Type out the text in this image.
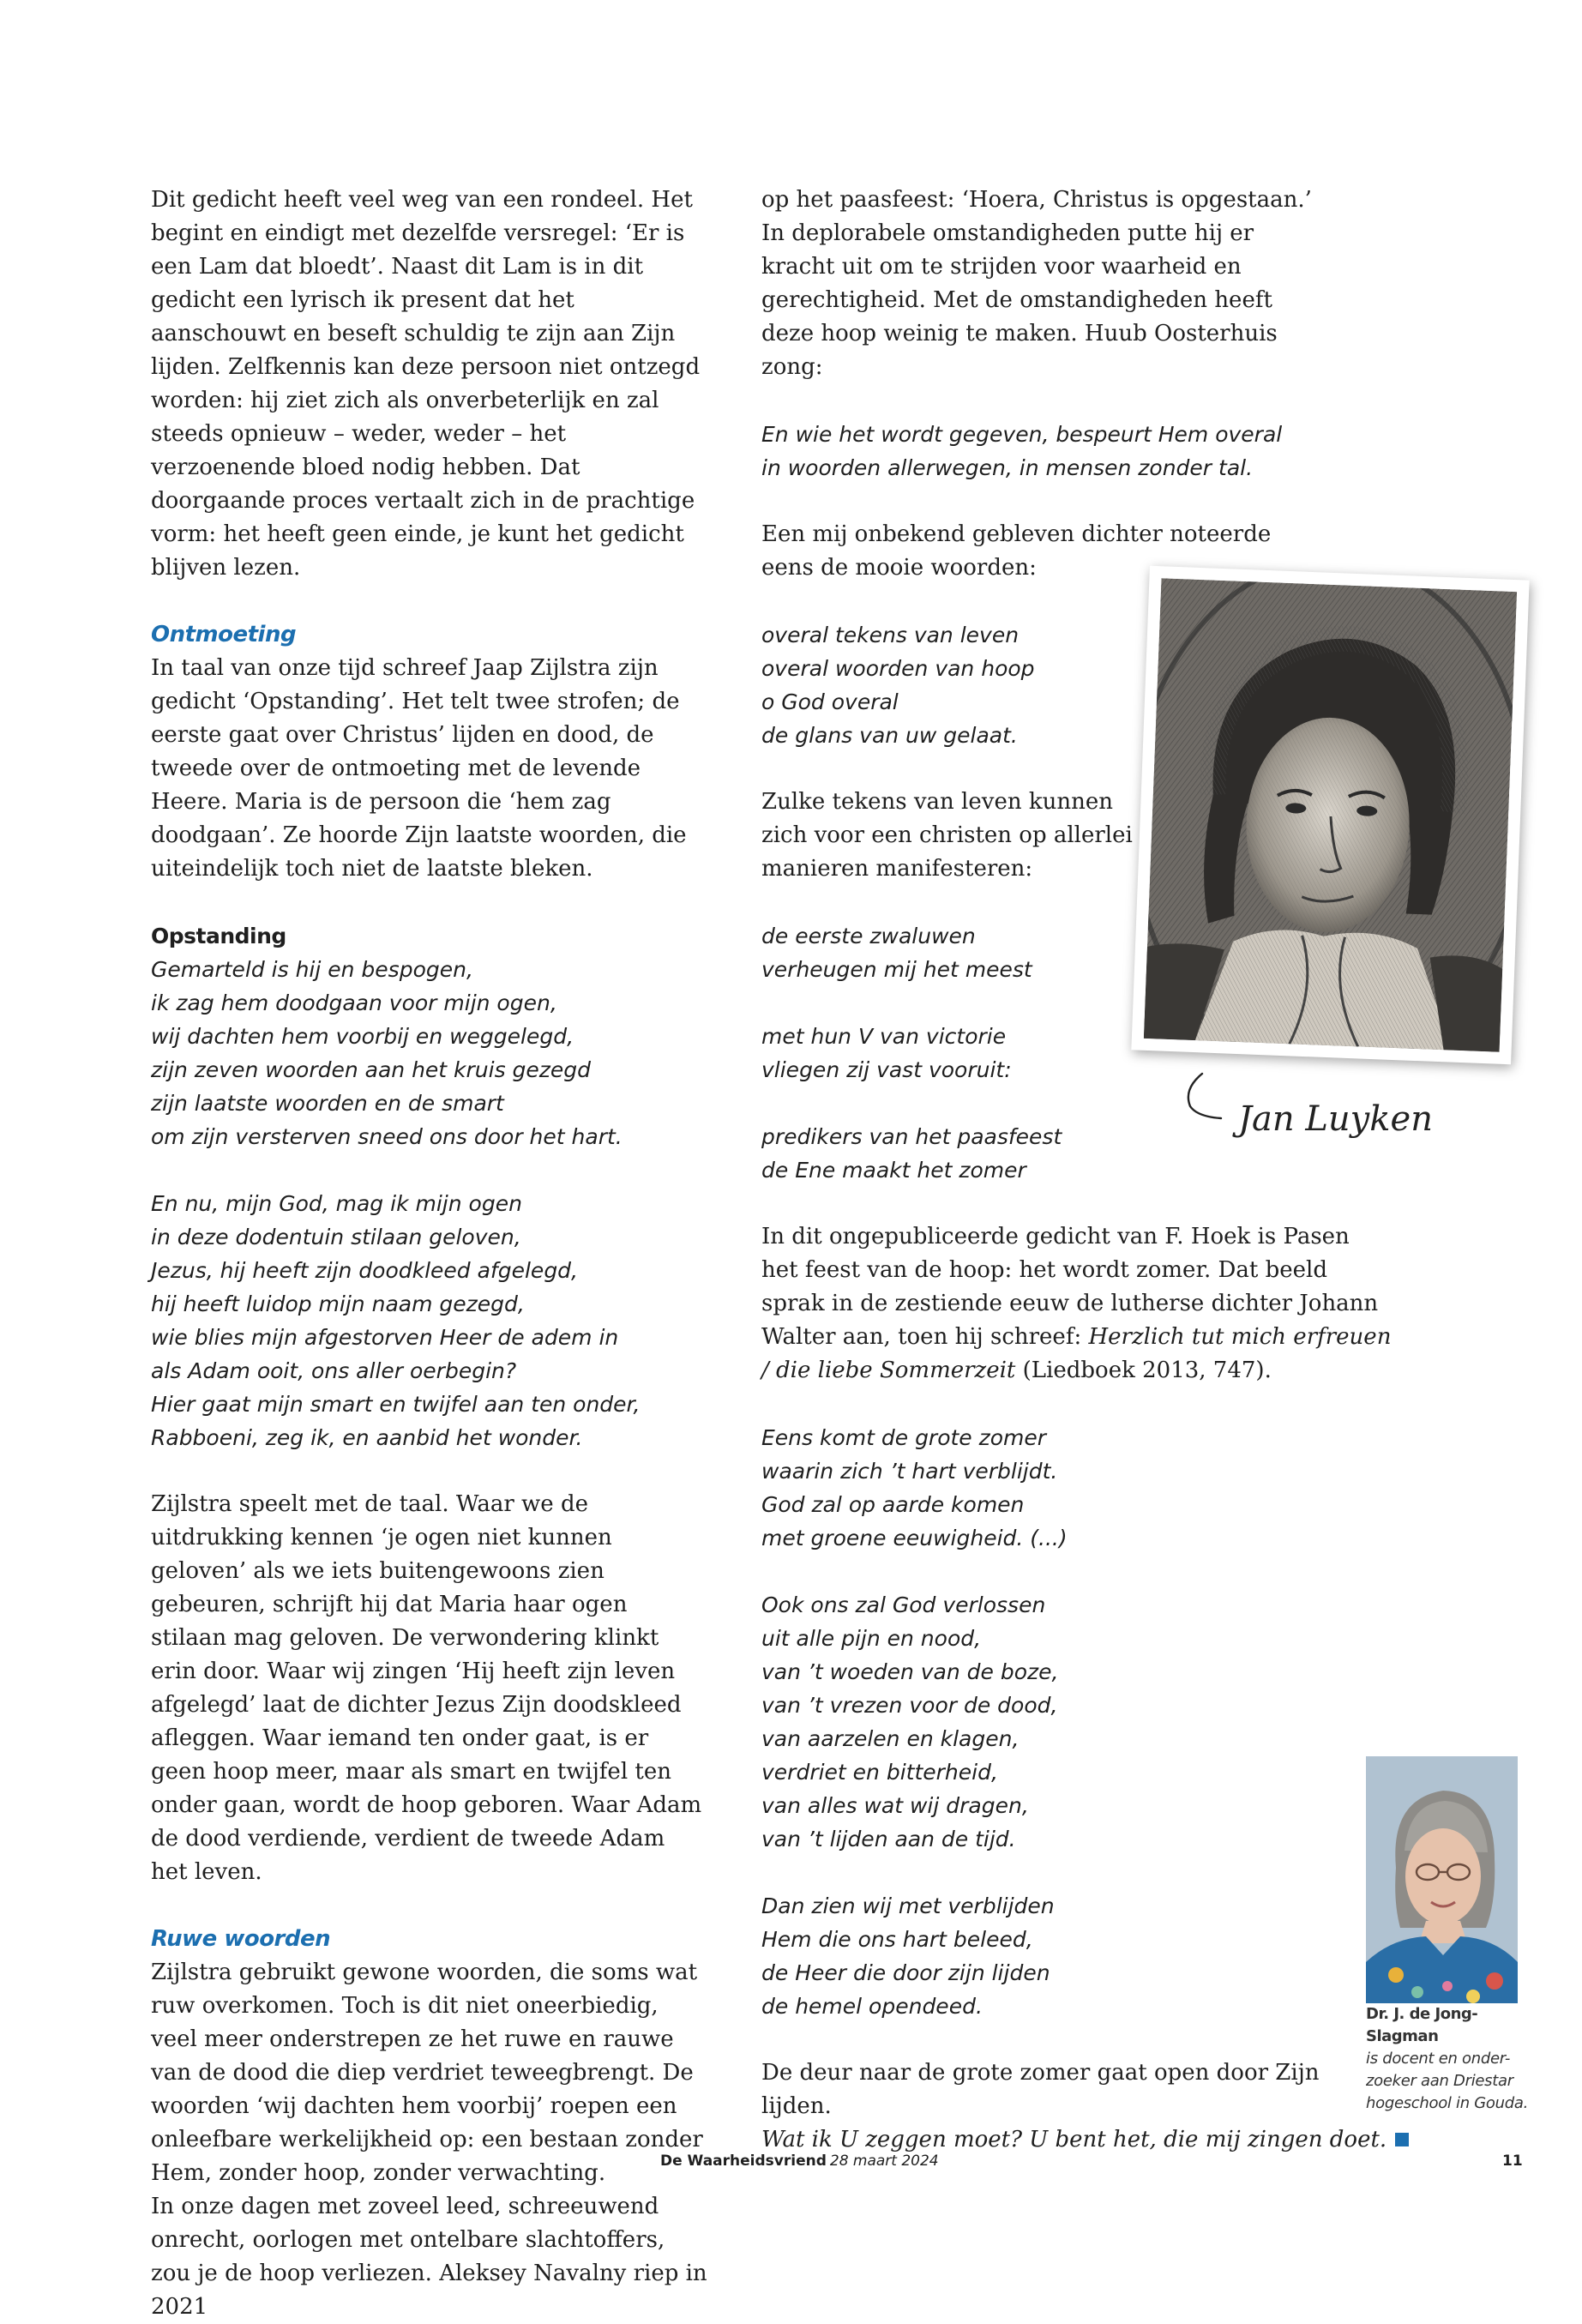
Dit gedicht heeft veel weg van een rondeel. Het begint en eindigt met dezelfde versregel: ‘Er is een Lam dat bloedt’. Naast dit Lam is in dit gedicht een lyrisch ik present dat het aanschouwt en beseft schuldig te zijn aan Zijn lijden. Zelfkennis kan deze persoon niet ontzegd worden: hij ziet zich als onverbeterlijk en zal steeds opnieuw – weder, weder – het verzoenende bloed nodig hebben. Dat doorgaande proces vertaalt zich in de prachtige vorm: het heeft geen einde, je kunt het gedicht blijven lezen.

Ontmoeting

In taal van onze tijd schreef Jaap Zijlstra zijn gedicht ‘Opstanding’. Het telt twee strofen; de eerste gaat over Christus’ lijden en dood, de tweede over de ontmoeting met de levende Heere. Maria is de persoon die ‘hem zag doodgaan’. Ze hoorde Zijn laatste woorden, die uiteindelijk toch niet de laatste bleken.

Opstanding
Gemarteld is hij en bespogen,
ik zag hem doodgaan voor mijn ogen,
wij dachten hem voorbij en weggelegd,
zijn zeven woorden aan het kruis gezegd
zijn laatste woorden en de smart
om zijn versterven sneed ons door het hart.
En nu, mijn God, mag ik mijn ogen
in deze dodentuin stilaan geloven,
Jezus, hij heeft zijn doodkleed afgelegd,
hij heeft luidop mijn naam gezegd,
wie blies mijn afgestorven Heer de adem in
als Adam ooit, ons aller oerbegin?
Hier gaat mijn smart en twijfel aan ten onder,
Rabboeni, zeg ik, en aanbid het wonder.

Zijlstra speelt met de taal. Waar we de uitdrukking kennen ‘je ogen niet kunnen geloven’ als we iets buitengewoons zien gebeuren, schrijft hij dat Maria haar ogen stilaan mag geloven. De verwondering klinkt erin door. Waar wij zingen ‘Hij heeft zijn leven afgelegd’ laat de dichter Jezus Zijn doodskleed afleggen. Waar iemand ten onder gaat, is er geen hoop meer, maar als smart en twijfel ten onder gaan, wordt de hoop geboren. Waar Adam de dood verdiende, verdient de tweede Adam het leven.

Ruwe woorden

Zijlstra gebruikt gewone woorden, die soms wat ruw overkomen. Toch is dit niet oneerbiedig, veel meer onderstrepen ze het ruwe en rauwe van de dood die diep verdriet teweegbrengt. De woorden ‘wij dachten hem voorbij’ roepen een onleefbare werkelijkheid op: een bestaan zonder Hem, zonder hoop, zonder verwachting.

In onze dagen met zoveel leed, schreeuwend onrecht, oorlogen met ontelbare slachtoffers, zou je de hoop verliezen. Aleksey Navalny riep in 2021

op het paasfeest: ‘Hoera, Christus is opgestaan.’ In deplorabele omstandigheden putte hij er kracht uit om te strijden voor waarheid en gerechtigheid. Met de omstandigheden heeft deze hoop weinig te maken. Huub Oosterhuis zong:

En wie het wordt gegeven, bespeurt Hem overal
in woorden allerwegen, in mensen zonder tal.

Een mij onbekend gebleven dichter noteerde eens de mooie woorden:

overal tekens van leven
overal woorden van hoop
o God overal
de glans van uw gelaat.
Zulke tekens van leven kunnen
zich voor een christen op allerlei
manieren manifesteren:
de eerste zwaluwen
verheugen mij het meest
met hun V van victorie
vliegen zij vast vooruit:
predikers van het paasfeest
de Ene maakt het zomer
In dit ongepubliceerde gedicht van F. Hoek is Pasen
het feest van de hoop: het wordt zomer. Dat beeld
sprak in de zestiende eeuw de lutherse dichter Johann
Walter aan, toen hij schreef: Herzlich tut mich erfreuen
/ die liebe Sommerzeit (Liedboek 2013, 747).
Eens komt de grote zomer
waarin zich ’t hart verblijdt.
God zal op aarde komen
met groene eeuwigheid. (...)
Ook ons zal God verlossen
uit alle pijn en nood,
van ’t woeden van de boze,
van ’t vrezen voor de dood,
van aarzelen en klagen,
verdriet en bitterheid,
van alles wat wij dragen,
van ’t lijden aan de tijd.
Dan zien wij met verblijden
Hem die ons hart beleed,
de Heer die door zijn lijden
de hemel opendeed.
De deur naar de grote zomer gaat open door Zijn
lijden.
Wat ik U zeggen moet? U bent het, die mij zingen doet.
Jan Luyken
Dr. J. de Jong-Slagman
is docent en onder-
zoeker aan Driestar
hogeschool in Gouda.
De Waarheidsvriend 28 maart 2024	11
